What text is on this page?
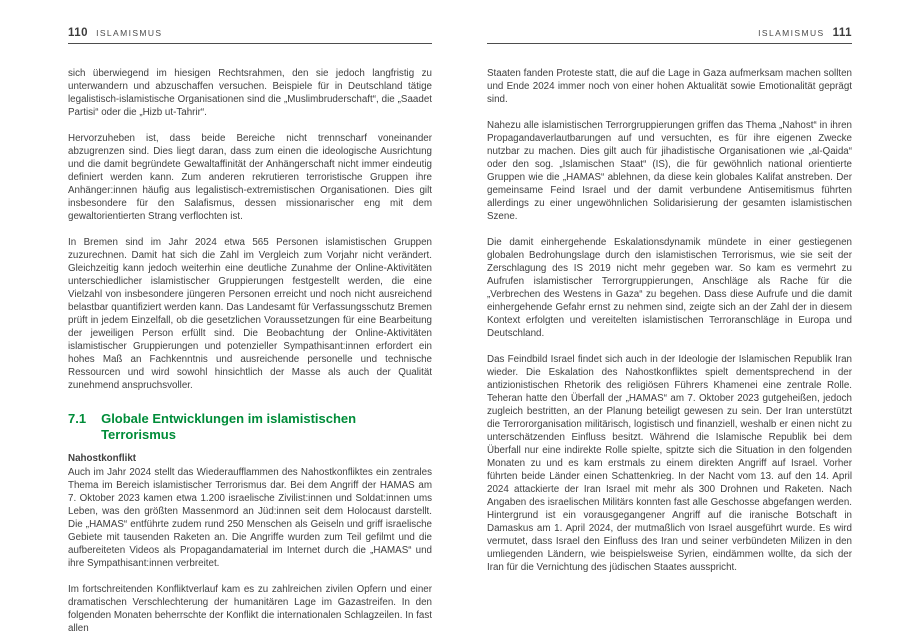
110 ISLAMISMUS

sich überwiegend im hiesigen Rechtsrahmen, den sie jedoch langfristig zu unterwandern und abzuschaffen versuchen. Beispiele für in Deutschland tätige legalistisch-islamistische Organisationen sind die „Muslimbruderschaft“, die „Saadet Partisi“ oder die „Hizb ut-Tahrir“.

Hervorzuheben ist, dass beide Bereiche nicht trennscharf voneinander abzugrenzen sind. Dies liegt daran, dass zum einen die ideologische Ausrichtung und die damit begründete Gewaltaffinität der Anhängerschaft nicht immer eindeutig definiert werden kann. Zum anderen rekrutieren terroristische Gruppen ihre Anhänger:innen häufig aus legalistisch-extremistischen Organisationen. Dies gilt insbesondere für den Salafismus, dessen missionarischer eng mit dem gewaltorientierten Strang verflochten ist.

In Bremen sind im Jahr 2024 etwa 565 Personen islamistischen Gruppen zuzurechnen. Damit hat sich die Zahl im Vergleich zum Vorjahr nicht verändert. Gleichzeitig kann jedoch weiterhin eine deutliche Zunahme der Online-Aktivitäten unterschiedlicher islamistischer Gruppierungen festgestellt werden, die eine Vielzahl von insbesondere jüngeren Personen erreicht und noch nicht ausreichend belastbar quantifiziert werden kann. Das Landesamt für Verfassungsschutz Bremen prüft in jedem Einzelfall, ob die gesetzlichen Voraussetzungen für eine Bearbeitung der jeweiligen Person erfüllt sind. Die Beobachtung der Online-Aktivitäten islamistischer Gruppierungen und potenzieller Sympathisant:innen erfordert ein hohes Maß an Fachkenntnis und ausreichende personelle und technische Ressourcen und wird sowohl hinsichtlich der Masse als auch der Qualität zunehmend anspruchsvoller.

7.1 Globale Entwicklungen im islamistischen Terrorismus
Nahostkonflikt

Auch im Jahr 2024 stellt das Wiederaufflammen des Nahostkonfliktes ein zentrales Thema im Bereich islamistischer Terrorismus dar. Bei dem Angriff der HAMAS am 7. Oktober 2023 kamen etwa 1.200 israelische Zivilist:innen und Soldat:innen ums Leben, was den größten Massenmord an Jüd:innen seit dem Holocaust darstellt. Die „HAMAS“ entführte zudem rund 250 Menschen als Geiseln und griff israelische Gebiete mit tausenden Raketen an. Die Angriffe wurden zum Teil gefilmt und die aufbereiteten Videos als Propagandamaterial im Internet durch die „HAMAS“ und ihre Sympathisant:innen verbreitet.

Im fortschreitenden Konfliktverlauf kam es zu zahlreichen zivilen Opfern und einer dramatischen Verschlechterung der humanitären Lage im Gazastreifen. In den folgenden Monaten beherrschte der Konflikt die internationalen Schlagzeilen. In fast allen

ISLAMISMUS 111

Staaten fanden Proteste statt, die auf die Lage in Gaza aufmerksam machen sollten und Ende 2024 immer noch von einer hohen Aktualität sowie Emotionalität geprägt sind.

Nahezu alle islamistischen Terrorgruppierungen griffen das Thema „Nahost“ in ihren Propagandaverlautbarungen auf und versuchten, es für ihre eigenen Zwecke nutzbar zu machen. Dies gilt auch für jihadistische Organisationen wie „al-Qaida“ oder den sog. „Islamischen Staat“ (IS), die für gewöhnlich national orientierte Gruppen wie die „HAMAS“ ablehnen, da diese kein globales Kalifat anstreben. Der gemeinsame Feind Israel und der damit verbundene Antisemitismus führten allerdings zu einer ungewöhnlichen Solidarisierung der gesamten islamistischen Szene.

Die damit einhergehende Eskalationsdynamik mündete in einer gestiegenen globalen Bedrohungslage durch den islamistischen Terrorismus, wie sie seit der Zerschlagung des IS 2019 nicht mehr gegeben war. So kam es vermehrt zu Aufrufen islamistischer Terrorgruppierungen, Anschläge als Rache für die „Verbrechen des Westens in Gaza“ zu begehen. Dass diese Aufrufe und die damit einhergehende Gefahr ernst zu nehmen sind, zeigte sich an der Zahl der in diesem Kontext erfolgten und vereitelten islamistischen Terroranschläge in Europa und Deutschland.

Das Feindbild Israel findet sich auch in der Ideologie der Islamischen Republik Iran wieder. Die Eskalation des Nahostkonfliktes spielt dementsprechend in der antizionistischen Rhetorik des religiösen Führers Khamenei eine zentrale Rolle. Teheran hatte den Überfall der „HAMAS“ am 7. Oktober 2023 gutgeheißen, jedoch zugleich bestritten, an der Planung beteiligt gewesen zu sein. Der Iran unterstützt die Terrororganisation militärisch, logistisch und finanziell, weshalb er einen nicht zu unterschätzenden Einfluss besitzt. Während die Islamische Republik bei dem Überfall nur eine indirekte Rolle spielte, spitzte sich die Situation in den folgenden Monaten zu und es kam erstmals zu einem direkten Angriff auf Israel. Vorher führten beide Länder einen Schattenkrieg. In der Nacht vom 13. auf den 14. April 2024 attackierte der Iran Israel mit mehr als 300 Drohnen und Raketen. Nach Angaben des israelischen Militärs konnten fast alle Geschosse abgefangen werden. Hintergrund ist ein vorausgegangener Angriff auf die iranische Botschaft in Damaskus am 1. April 2024, der mutmaßlich von Israel ausgeführt wurde. Es wird vermutet, dass Israel den Einfluss des Iran und seiner verbündeten Milizen in den umliegenden Ländern, wie beispielsweise Syrien, eindämmen wollte, da sich der Iran für die Vernichtung des jüdischen Staates ausspricht.
